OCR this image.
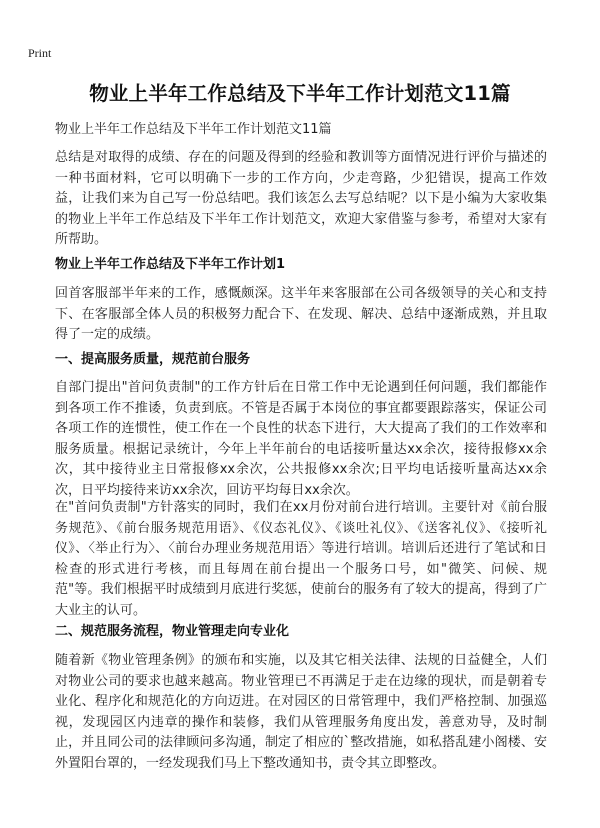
Print
物业上半年工作总结及下半年工作计划范文11篇
物业上半年工作总结及下半年工作计划范文11篇
总结是对取得的成绩、存在的问题及得到的经验和教训等方面情况进行评价与描述的一种书面材料，它可以明确下一步的工作方向，少走弯路，少犯错误，提高工作效益，让我们来为自己写一份总结吧。我们该怎么去写总结呢？以下是小编为大家收集的物业上半年工作总结及下半年工作计划范文，欢迎大家借鉴与参考，希望对大家有所帮助。
物业上半年工作总结及下半年工作计划1
回首客服部半年来的工作，感慨颇深。这半年来客服部在公司各级领导的关心和支持下、在客服部全体人员的积极努力配合下、在发现、解决、总结中逐渐成熟，并且取得了一定的成绩。
一、提高服务质量，规范前台服务
自部门提出"首问负责制"的工作方针后在日常工作中无论遇到任何问题，我们都能作到各项工作不推诿，负责到底。不管是否属于本岗位的事宜都要跟踪落实，保证公司各项工作的连惯性，使工作在一个良性的状态下进行，大大提高了我们的工作效率和服务质量。根据记录统计，今年上半年前台的电话接听量达xx余次，接待报修xx余次，其中接待业主日常报修xx余次，公共报修xx余次;日平均电话接听量高达xx余次，日平均接待来访xx余次，回访平均每日xx余次。
在"首问负责制"方针落实的同时，我们在xx月份对前台进行培训。主要针对《前台服务规范》、《前台服务规范用语》、《仪态礼仪》、《谈吐礼仪》、《送客礼仪》、《接听礼仪》、〈举止行为〉、〈前台办理业务规范用语〉等进行培训。培训后还进行了笔试和日检查的形式进行考核，而且每周在前台提出一个服务口号，如"微笑、问候、规范"等。我们根据平时成绩到月底进行奖惩，使前台的服务有了较大的提高，得到了广大业主的认可。
二、规范服务流程，物业管理走向专业化
随着新《物业管理条例》的颁布和实施，以及其它相关法律、法规的日益健全，人们对物业公司的要求也越来越高。物业管理已不再满足于走在边缘的现状，而是朝着专业化、程序化和规范化的方向迈进。在对园区的日常管理中，我们严格控制、加强巡视，发现园区内违章的操作和装修，我们从管理服务角度出发，善意劝导，及时制止，并且同公司的法律顾问多沟通，制定了相应的`整改措施，如私搭乱建小阁楼、安外置阳台罩的，一经发现我们马上下整改通知书，责令其立即整改。
